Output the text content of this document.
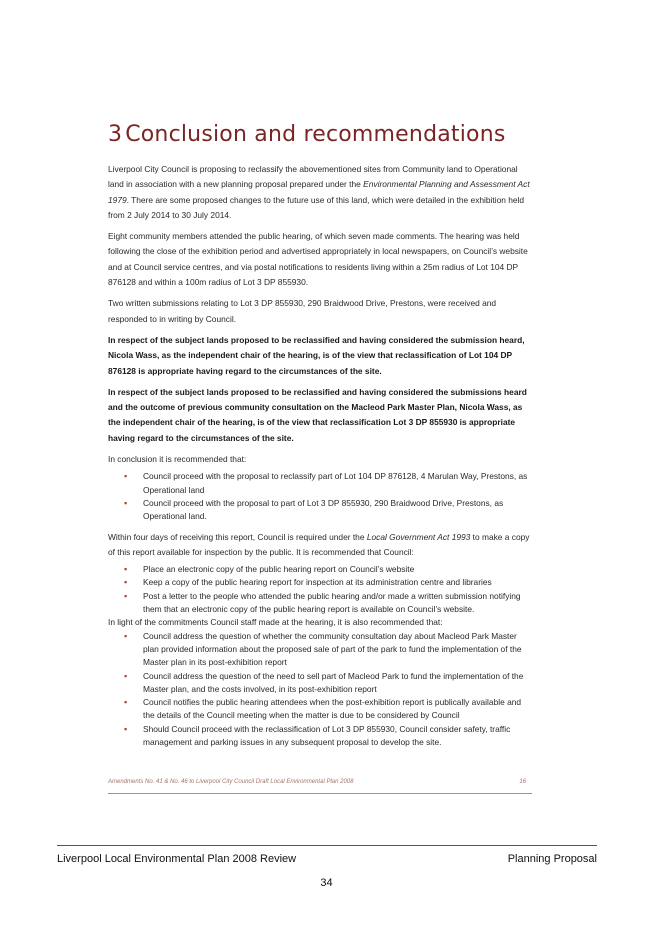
3 Conclusion and recommendations

Liverpool City Council is proposing to reclassify the abovementioned sites from Community land to Operational land in association with a new planning proposal prepared under the Environmental Planning and Assessment Act 1979. There are some proposed changes to the future use of this land, which were detailed in the exhibition held from 2 July 2014 to 30 July 2014.

Eight community members attended the public hearing, of which seven made comments. The hearing was held following the close of the exhibition period and advertised appropriately in local newspapers, on Council’s website and at Council service centres, and via postal notifications to residents living within a 25m radius of Lot 104 DP 876128 and within a 100m radius of Lot 3 DP 855930.

Two written submissions relating to Lot 3 DP 855930, 290 Braidwood Drive, Prestons, were received and responded to in writing by Council.

In respect of the subject lands proposed to be reclassified and having considered the submission heard, Nicola Wass, as the independent chair of the hearing, is of the view that reclassification of Lot 104 DP 876128 is appropriate having regard to the circumstances of the site.

In respect of the subject lands proposed to be reclassified and having considered the submissions heard and the outcome of previous community consultation on the Macleod Park Master Plan, Nicola Wass, as the independent chair of the hearing, is of the view that reclassification Lot 3 DP 855930 is appropriate having regard to the circumstances of the site.

In conclusion it is recommended that:

▪ Council proceed with the proposal to reclassify part of Lot 104 DP 876128, 4 Marulan Way, Prestons, as Operational land
▪ Council proceed with the proposal to part of Lot 3 DP 855930, 290 Braidwood Drive, Prestons, as Operational land.

Within four days of receiving this report, Council is required under the Local Government Act 1993 to make a copy of this report available for inspection by the public. It is recommended that Council:

▪ Place an electronic copy of the public hearing report on Council’s website
▪ Keep a copy of the public hearing report for inspection at its administration centre and libraries
▪ Post a letter to the people who attended the public hearing and/or made a written submission notifying them that an electronic copy of the public hearing report is available on Council’s website.

In light of the commitments Council staff made at the hearing, it is also recommended that:

▪ Council address the question of whether the community consultation day about Macleod Park Master plan provided information about the proposed sale of part of the park to fund the implementation of the Master plan in its post-exhibition report
▪ Council address the question of the need to sell part of Macleod Park to fund the implementation of the Master plan, and the costs involved, in its post-exhibition report
▪ Council notifies the public hearing attendees when the post-exhibition report is publically available and the details of the Council meeting when the matter is due to be considered by Council
▪ Should Council proceed with the reclassification of Lot 3 DP 855930, Council consider safety, traffic management and parking issues in any subsequent proposal to develop the site.
Amendments No. 41 & No. 46 to Liverpool City Council Draft Local Environmental Plan 2008	16
Liverpool Local Environmental Plan 2008 Review	Planning Proposal
34
